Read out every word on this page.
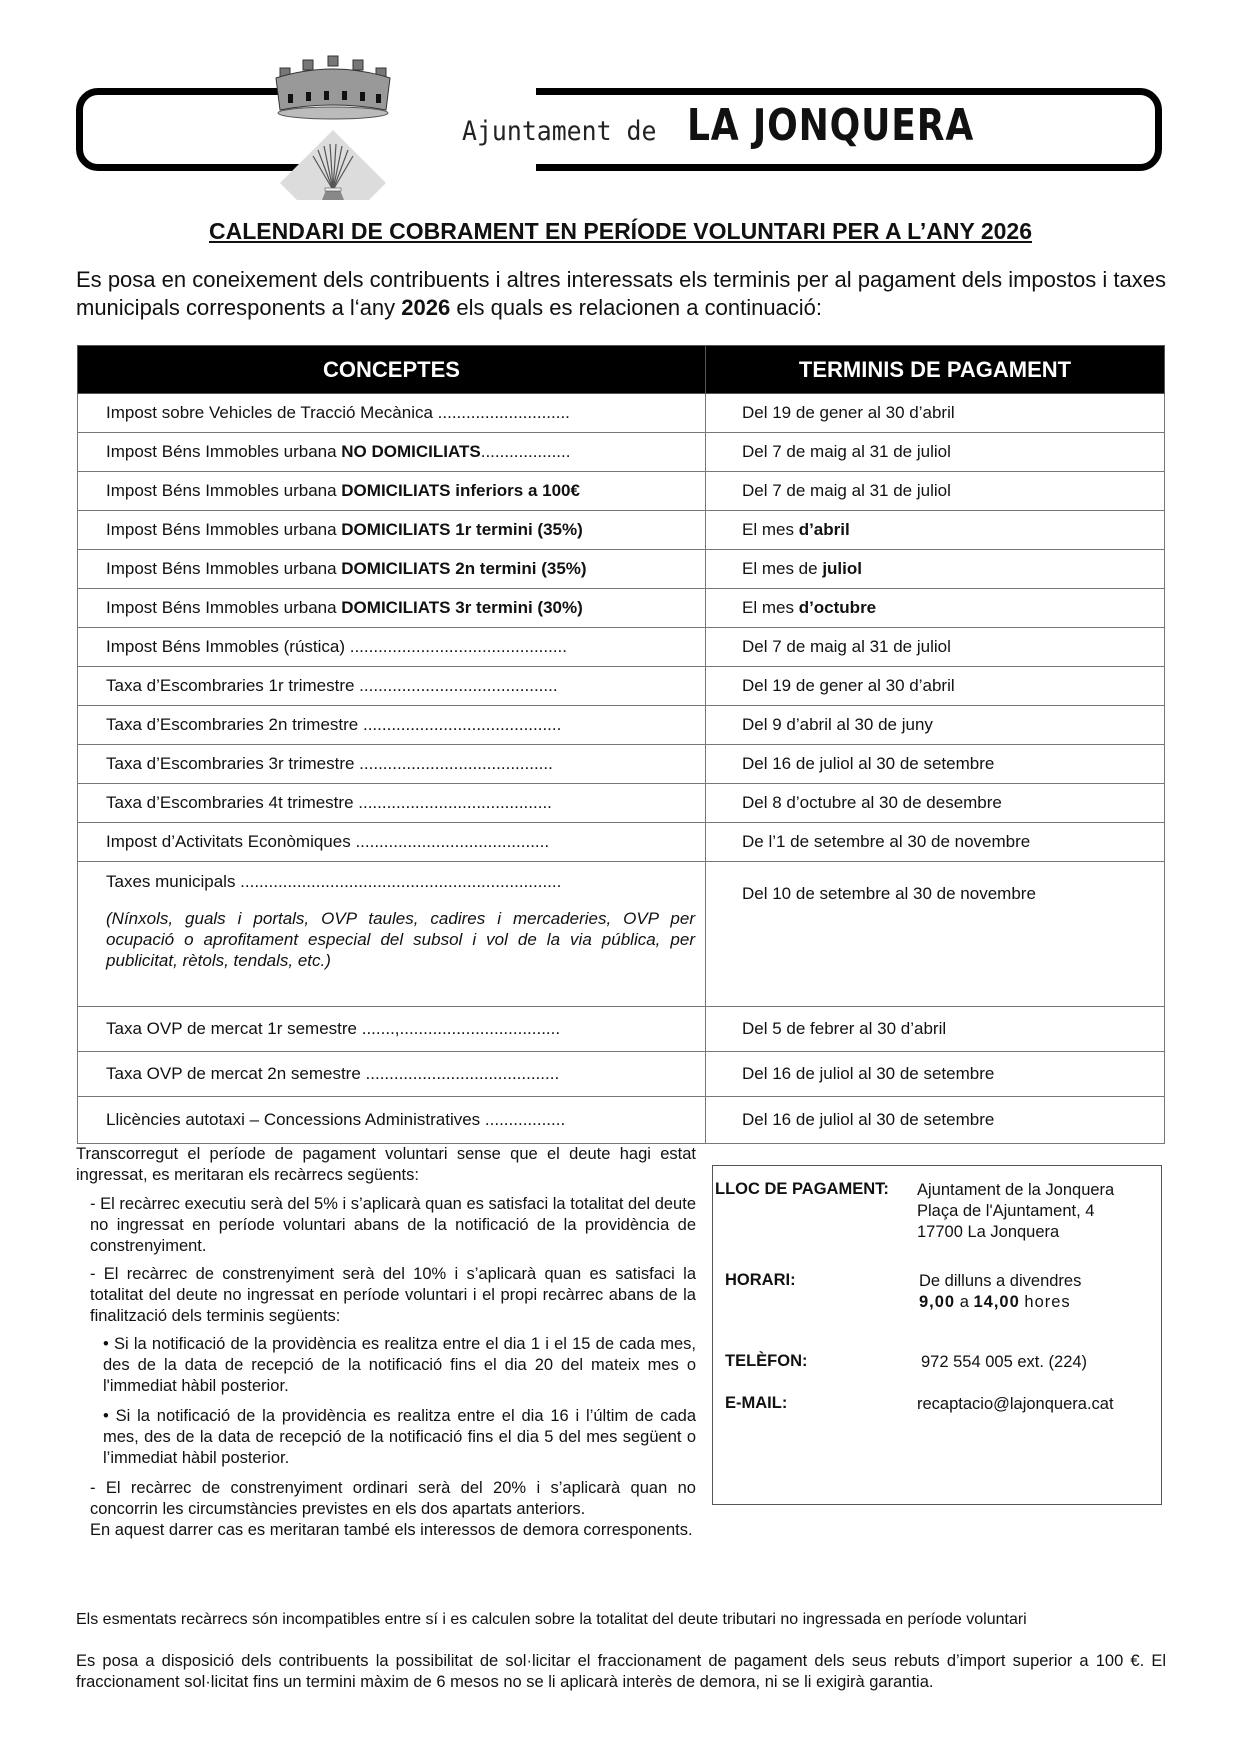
Ajuntament de LA JONQUERA
CALENDARI DE COBRAMENT EN PERÍODE VOLUNTARI PER A L’ANY 2026
Es posa en coneixement dels contribuents i altres interessats els terminis per al pagament dels impostos i taxes municipals corresponents a l‘any 2026 els quals es relacionen a continuació:
CONCEPTES	TERMINIS DE PAGAMENT
Impost sobre Vehicles de Tracció Mecànica ............................	Del 19 de gener al 30 d’abril
Impost Béns Immobles urbana NO DOMICILIATS...................	Del 7 de maig al 31 de juliol
Impost Béns Immobles urbana DOMICILIATS inferiors a 100€	Del 7 de maig al 31 de juliol
Impost Béns Immobles urbana DOMICILIATS 1r termini (35%)	El mes d’abril
Impost Béns Immobles urbana DOMICILIATS 2n termini (35%)	El mes de juliol
Impost Béns Immobles urbana DOMICILIATS 3r termini (30%)	El mes d’octubre
Impost Béns Immobles (rústica) ..............................................	Del 7 de maig al 31 de juliol
Taxa d’Escombraries 1r trimestre ..........................................	Del 19 de gener al 30 d’abril
Taxa d’Escombraries 2n trimestre ..........................................	Del 9 d’abril al 30 de juny
Taxa d’Escombraries 3r trimestre .........................................	Del 16 de juliol al 30 de setembre
Taxa d’Escombraries 4t trimestre .........................................	Del 8 d’octubre al 30 de desembre
Impost d’Activitats Econòmiques .........................................	De l’1 de setembre al 30 de novembre
Taxes municipals ....................................................................
(Nínxols, guals i portals, OVP taules, cadires i mercaderies, OVP per ocupació o aprofitament especial del subsol i vol de la via pública, per publicitat, rètols, tendals, etc.)	Del 10 de setembre al 30 de novembre
Taxa OVP de mercat 1r semestre .......,..................................	Del 5 de febrer al 30 d’abril
Taxa OVP de mercat 2n semestre .........................................	Del 16 de juliol al 30 de setembre
Llicències autotaxi – Concessions Administratives .................	Del 16 de juliol al 30 de setembre

Transcorregut el període de pagament voluntari sense que el deute hagi estat ingressat, es meritaran els recàrrecs següents:

- El recàrrec executiu serà del 5% i s’aplicarà quan es satisfaci la totalitat del deute no ingressat en període voluntari abans de la notificació de la providència de constrenyiment.

- El recàrrec de constrenyiment serà del 10% i s’aplicarà quan es satisfaci la totalitat del deute no ingressat en període voluntari i el propi recàrrec abans de la finalització dels terminis següents:

• Si la notificació de la providència es realitza entre el dia 1 i el 15 de cada mes, des de la data de recepció de la notificació fins el dia 20 del mateix mes o l'immediat hàbil posterior.

• Si la notificació de la providència es realitza entre el dia 16 i l’últim de cada mes, des de la data de recepció de la notificació fins el dia 5 del mes següent o l’immediat hàbil posterior.

- El recàrrec de constrenyiment ordinari serà del 20% i s’aplicarà quan no concorrin les circumstàncies previstes en els dos apartats anteriors.

En aquest darrer cas es meritaran també els interessos de demora corresponents.

LLOC DE PAGAMENT:	Ajuntament de la Jonquera
Plaça de l'Ajuntament, 4
17700 La Jonquera
HORARI:	De dilluns a divendres
9,00 a 14,00 hores
TELÈFON:	972 554 005 ext. (224)
E-MAIL:	recaptacio@lajonquera.cat
Els esmentats recàrrecs són incompatibles entre sí i es calculen sobre la totalitat del deute tributari no ingressada en període voluntari
Es posa a disposició dels contribuents la possibilitat de sol·licitar el fraccionament de pagament dels seus rebuts d’import superior a 100 €. El fraccionament sol·licitat fins un termini màxim de 6 mesos no se li aplicarà interès de demora, ni se li exigirà garantia.
